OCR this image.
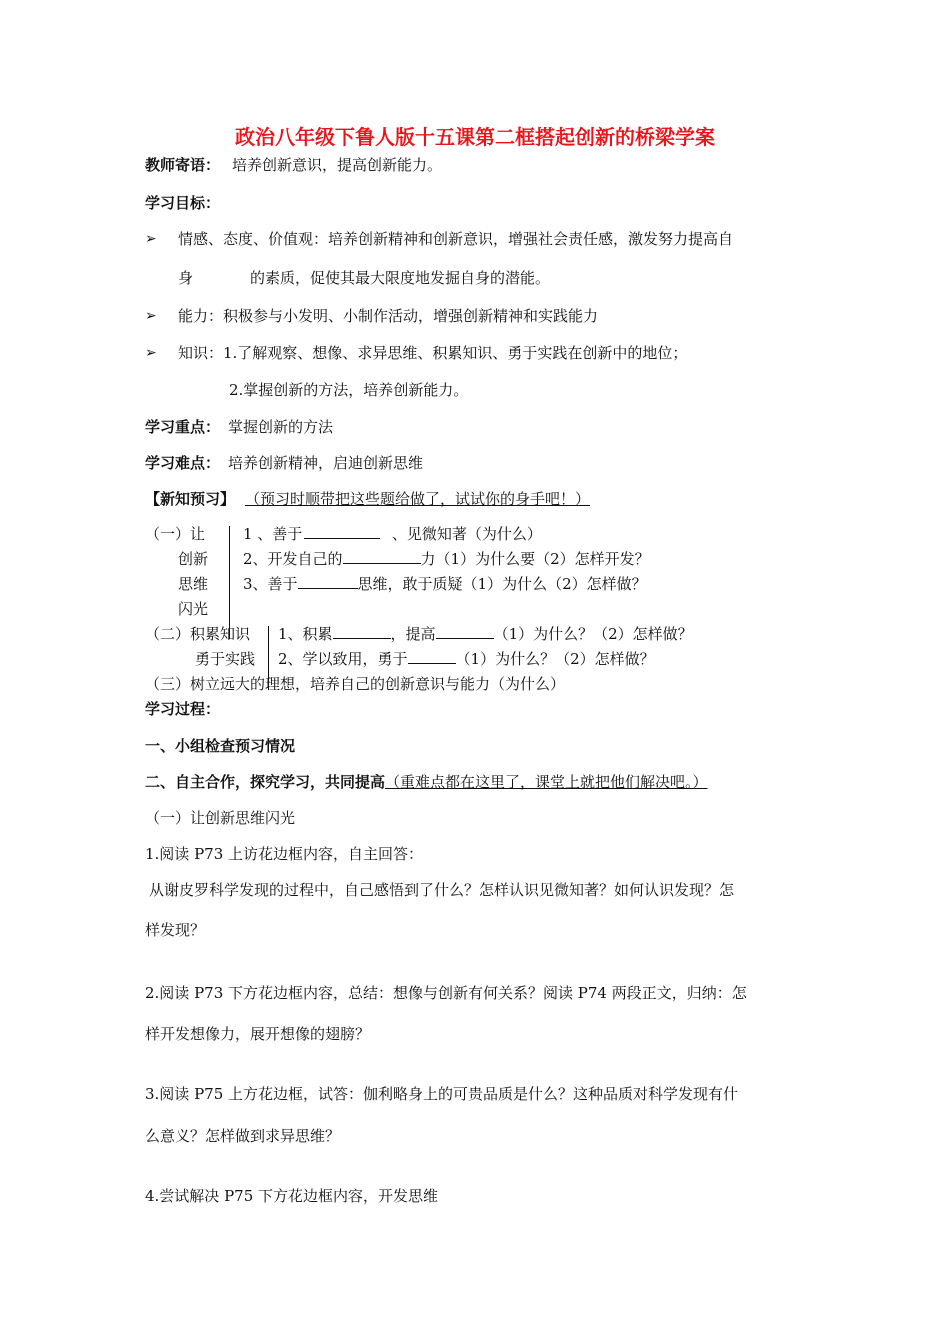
政治八年级下鲁人版十五课第二框搭起创新的桥梁学案
教师寄语： 培养创新意识，提高创新能力。
学习目标：
➢ 情感、态度、价值观：培养创新精神和创新意识，增强社会责任感，激发努力提高自
身	的素质，促使其最大限度地发掘自身的潜能。
➢ 能力：积极参与小发明、小制作活动，增强创新精神和实践能力
➢ 知识：1.了解观察、想像、求异思维、积累知识、勇于实践在创新中的地位；
2.掌握创新的方法，培养创新能力。
学习重点： 掌握创新的方法
学习难点： 培养创新精神，启迪创新思维
【新知预习】 （预习时顺带把这些题给做了，试试你的身手吧！）
（一）让
创新
思维
闪光
1 、善于	、见微知著（为什么）
2、开发自己的	力（1）为什么要（2）怎样开发？
3、善于	思维，敢于质疑（1）为什么（2）怎样做？
（二）积累知识
勇于实践
1、积累	，提高	（1）为什么？（2）怎样做？
2、学以致用，勇于	（1）为什么？（2）怎样做？
（三）树立远大的理想，培养自己的创新意识与能力（为什么）
学习过程：
一、小组检查预习情况
二、自主合作，探究学习，共同提高（重难点都在这里了，课堂上就把他们解决吧。）
（一）让创新思维闪光
1.阅读 P73 上访花边框内容，自主回答：
从谢皮罗科学发现的过程中，自己感悟到了什么？怎样认识见微知著？如何认识发现？怎
样发现？
2.阅读 P73 下方花边框内容，总结：想像与创新有何关系？阅读 P74 两段正文，归纳：怎
样开发想像力，展开想像的翅膀？
3.阅读 P75 上方花边框，试答：伽利略身上的可贵品质是什么？这种品质对科学发现有什
么意义？怎样做到求异思维？
4.尝试解决 P75 下方花边框内容，开发思维
